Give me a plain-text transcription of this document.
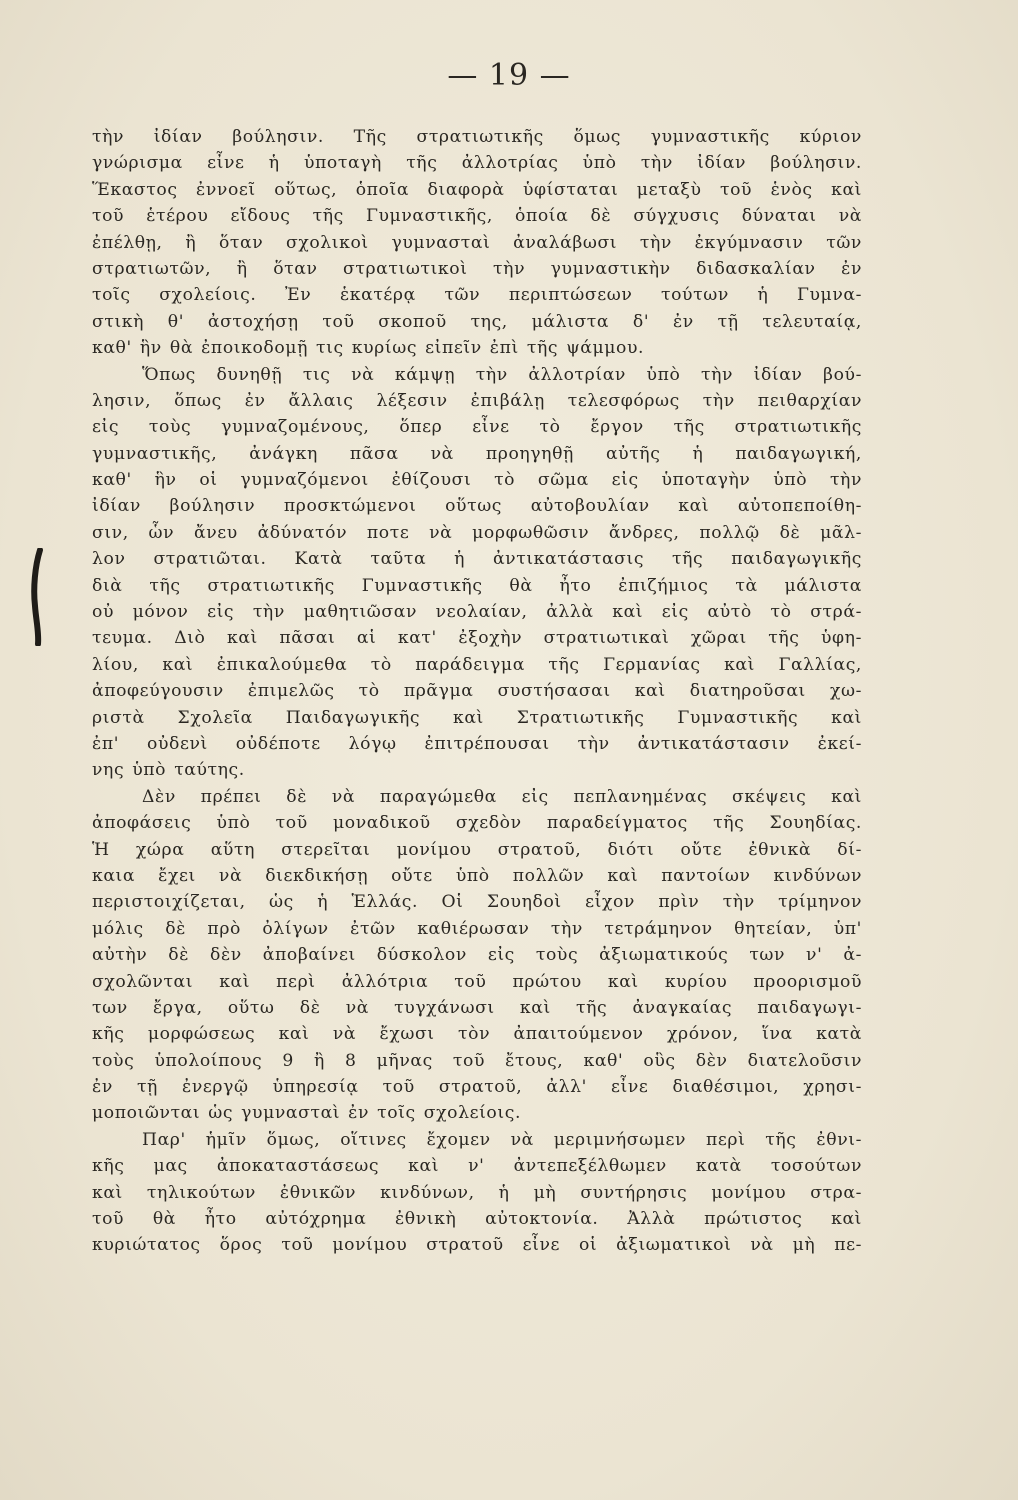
— 19 —
τὴν ἰδίαν βούλησιν. Τῆς στρατιωτικῆς ὅμως γυμναστικῆς κύριον
γνώρισμα εἶνε ἡ ὑποταγὴ τῆς ἀλλοτρίας ὑπὸ τὴν ἰδίαν βούλησιν.
Ἕκαστος ἐννοεῖ οὕτως, ὁποῖα διαφορὰ ὑφίσταται μεταξὺ τοῦ ἑνὸς καὶ
τοῦ ἑτέρου εἴδους τῆς Γυμναστικῆς, ὁποία δὲ σύγχυσις δύναται νὰ
ἐπέλθῃ, ἢ ὅταν σχολικοὶ γυμνασταὶ ἀναλάβωσι τὴν ἐκγύμνασιν τῶν
στρατιωτῶν, ἢ ὅταν στρατιωτικοὶ τὴν γυμναστικὴν διδασκαλίαν ἐν
τοῖς σχολείοις. Ἐν ἑκατέρᾳ τῶν περιπτώσεων τούτων ἡ Γυμνα-
στικὴ θ' ἀστοχήσῃ τοῦ σκοποῦ της, μάλιστα δ' ἐν τῇ τελευταίᾳ,
καθ' ἣν θὰ ἐποικοδομῇ τις κυρίως εἰπεῖν ἐπὶ τῆς ψάμμου.
Ὅπως δυνηθῇ τις νὰ κάμψῃ τὴν ἀλλοτρίαν ὑπὸ τὴν ἰδίαν βού-
λησιν, ὅπως ἐν ἄλλαις λέξεσιν ἐπιβάλῃ τελεσφόρως τὴν πειθαρχίαν
εἰς τοὺς γυμναζομένους, ὅπερ εἶνε τὸ ἔργον τῆς στρατιωτικῆς
γυμναστικῆς, ἀνάγκη πᾶσα νὰ προηγηθῇ αὐτῆς ἡ παιδαγωγική,
καθ' ἣν οἱ γυμναζόμενοι ἐθίζουσι τὸ σῶμα εἰς ὑποταγὴν ὑπὸ τὴν
ἰδίαν βούλησιν προσκτώμενοι οὕτως αὐτοβουλίαν καὶ αὐτοπεποίθη-
σιν, ὧν ἄνευ ἀδύνατόν ποτε νὰ μορφωθῶσιν ἄνδρες, πολλῷ δὲ μᾶλ-
λον στρατιῶται. Κατὰ ταῦτα ἡ ἀντικατάστασις τῆς παιδαγωγικῆς
διὰ τῆς στρατιωτικῆς Γυμναστικῆς θὰ ἦτο ἐπιζήμιος τὰ μάλιστα
οὐ μόνον εἰς τὴν μαθητιῶσαν νεολαίαν, ἀλλὰ καὶ εἰς αὐτὸ τὸ στρά-
τευμα. Διὸ καὶ πᾶσαι αἱ κατ' ἐξοχὴν στρατιωτικαὶ χῶραι τῆς ὑφη-
λίου, καὶ ἐπικαλούμεθα τὸ παράδειγμα τῆς Γερμανίας καὶ Γαλλίας,
ἀποφεύγουσιν ἐπιμελῶς τὸ πρᾶγμα συστήσασαι καὶ διατηροῦσαι χω-
ριστὰ Σχολεῖα Παιδαγωγικῆς καὶ Στρατιωτικῆς Γυμναστικῆς καὶ
ἐπ' οὐδενὶ οὐδέποτε λόγῳ ἐπιτρέπουσαι τὴν ἀντικατάστασιν ἐκεί-
νης ὑπὸ ταύτης.
Δὲν πρέπει δὲ νὰ παραγώμεθα εἰς πεπλανημένας σκέψεις καὶ
ἀποφάσεις ὑπὸ τοῦ μοναδικοῦ σχεδὸν παραδείγματος τῆς Σουηδίας.
Ἡ χώρα αὕτη στερεῖται μονίμου στρατοῦ, διότι οὔτε ἐθνικὰ δί-
καια ἔχει νὰ διεκδικήσῃ οὔτε ὑπὸ πολλῶν καὶ παντοίων κινδύνων
περιστοιχίζεται, ὡς ἡ Ἑλλάς. Οἱ Σουηδοὶ εἶχον πρὶν τὴν τρίμηνον
μόλις δὲ πρὸ ὀλίγων ἐτῶν καθιέρωσαν τὴν τετράμηνον θητείαν, ὑπ'
αὐτὴν δὲ δὲν ἀποβαίνει δύσκολον εἰς τοὺς ἀξιωματικούς των ν' ἀ-
σχολῶνται καὶ περὶ ἀλλότρια τοῦ πρώτου καὶ κυρίου προορισμοῦ
των ἔργα, οὕτω δὲ νὰ τυγχάνωσι καὶ τῆς ἀναγκαίας παιδαγωγι-
κῆς μορφώσεως καὶ νὰ ἔχωσι τὸν ἀπαιτούμενον χρόνον, ἵνα κατὰ
τοὺς ὑπολοίπους 9 ἢ 8 μῆνας τοῦ ἔτους, καθ' οὓς δὲν διατελοῦσιν
ἐν τῇ ἐνεργῷ ὑπηρεσίᾳ τοῦ στρατοῦ, ἀλλ' εἶνε διαθέσιμοι, χρησι-
μοποιῶνται ὡς γυμνασταὶ ἐν τοῖς σχολείοις.
Παρ' ἡμῖν ὅμως, οἵτινες ἔχομεν νὰ μεριμνήσωμεν περὶ τῆς ἐθνι-
κῆς μας ἀποκαταστάσεως καὶ ν' ἀντεπεξέλθωμεν κατὰ τοσούτων
καὶ τηλικούτων ἐθνικῶν κινδύνων, ἡ μὴ συντήρησις μονίμου στρα-
τοῦ θὰ ἦτο αὐτόχρημα ἐθνικὴ αὐτοκτονία. Ἀλλὰ πρώτιστος καὶ
κυριώτατος ὅρος τοῦ μονίμου στρατοῦ εἶνε οἱ ἀξιωματικοὶ νὰ μὴ πε-
